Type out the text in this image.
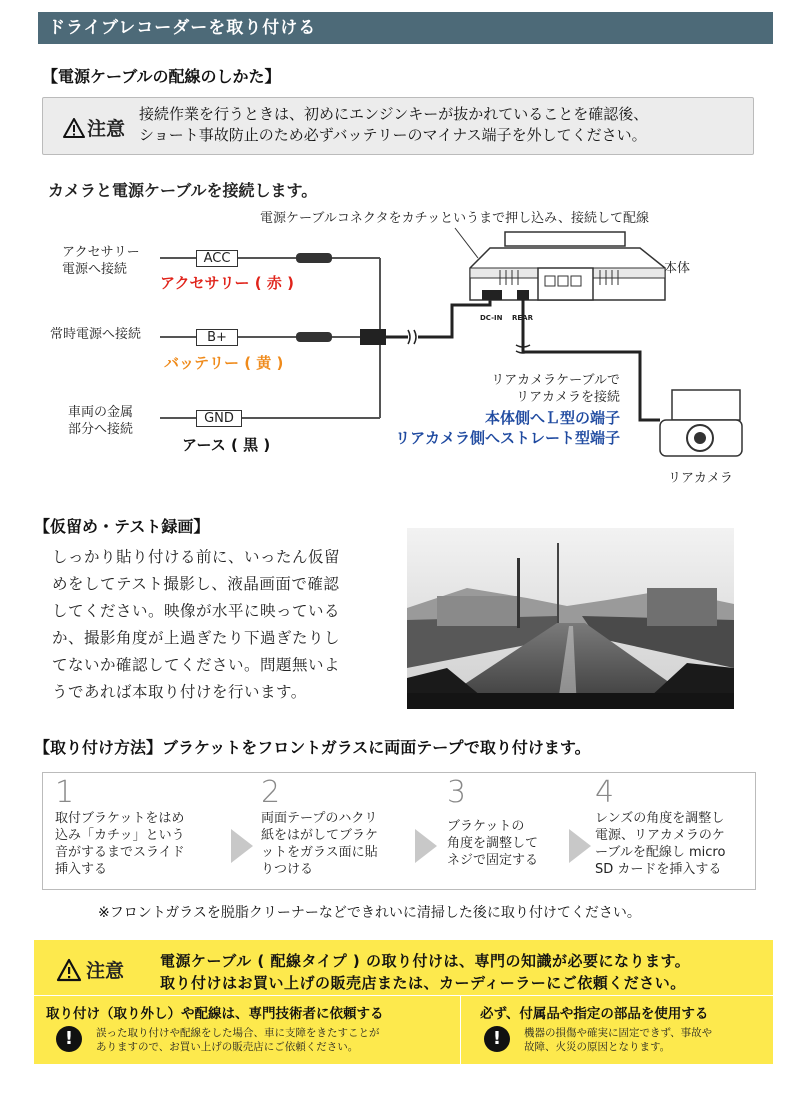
ドライブレコーダーを取り付ける
【電源ケーブルの配線のしかた】
注意
接続作業を行うときは、初めにエンジンキーが抜かれていることを確認後、
ショート事故防止のため必ずバッテリーのマイナス端子を外してください。
カメラと電源ケーブルを接続します。
電源ケーブルコネクタをカチッというまで押し込み、接続して配線
本体
DC-IN REAR
アクセサリー
電源へ接続
ACC
アクセサリー ( 赤 )
常時電源へ接続	B+
バッテリー ( 黄 )
車両の金属
部分へ接続
GND
アース ( 黒 )
リアカメラケーブルで
リアカメラを接続
本体側へＬ型の端子
リアカメラ側へストレート型端子
リアカメラ
【仮留め・テスト録画】
しっかり貼り付ける前に、いったん仮留
めをしてテスト撮影し、液晶画面で確認
してください。映像が水平に映っている
か、撮影角度が上過ぎたり下過ぎたりし
てないか確認してください。問題無いよ
うであれば本取り付けを行います。
【取り付け方法】ブラケットをフロントガラスに両面テープで取り付けます。
1
取付ブラケットをはめ
込み「カチッ」という
音がするまでスライド
挿入する
2
両面テープのハクリ
紙をはがしてブラケ
ットをガラス面に貼
りつける
3
ブラケットの
角度を調整して
ネジで固定する
4
レンズの角度を調整し
電源、リアカメラのケ
ーブルを配線し micro
SD カードを挿入する
※フロントガラスを脱脂クリーナーなどできれいに清掃した後に取り付けてください。
注意 電源ケーブル ( 配線タイプ ) の取り付けは、専門の知識が必要になります。
取り付けはお買い上げの販売店または、カーディーラーにご依頼ください。
取り付け（取り外し）や配線は、専門技術者に依頼する
!	誤った取り付けや配線をした場合、車に支障をきたすことが
ありますので、お買い上げの販売店にご依頼ください。
必ず、付属品や指定の部品を使用する
!	機器の損傷や確実に固定できず、事故や
故障、火災の原因となります。
